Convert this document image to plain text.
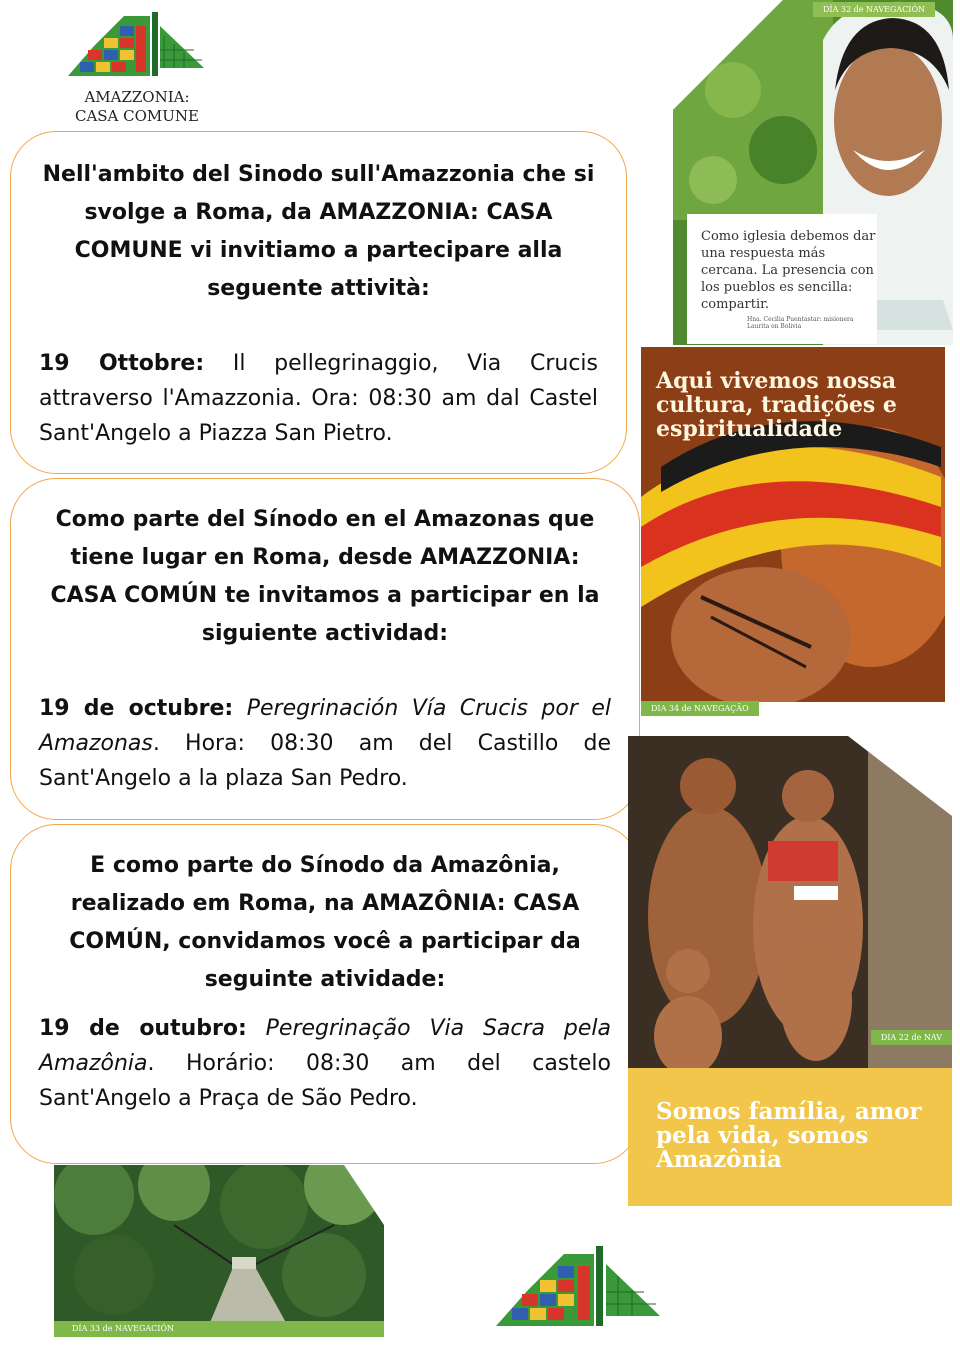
AMAZZONIA:
CASA COMUNE
Nell'ambito del Sinodo sull'Amazzonia che si svolge a Roma, da AMAZZONIA: CASA COMUNE vi invitiamo a partecipare alla seguente attività:
19 Ottobre: Il pellegrinaggio, Via Crucis attraverso l'Amazzonia. Ora: 08:30 am dal Castel Sant'Angelo a Piazza San Pietro.
Como parte del Sínodo en el Amazonas que tiene lugar en Roma, desde AMAZZONIA: CASA COMÚN te invitamos a participar en la siguiente actividad:
19 de octubre: Peregrinación Vía Crucis por el Amazonas. Hora: 08:30 am del Castillo de Sant'Angelo a la plaza San Pedro.
E como parte do Sínodo da Amazônia, realizado em Roma, na AMAZÔNIA: CASA COMÚN, convidamos você a participar da seguinte atividade:
19 de outubro: Peregrinação Via Sacra pela Amazônia. Horário: 08:30 am del castelo Sant'Angelo a Praça de São Pedro.
DÍA 32 de NAVEGACIÓN
Como iglesia debemos dar una respuesta más cercana. La presencia con los pueblos es sencilla: compartir.
Hna. Cecilia Puentastar: misionera Laurita en Bolivia
Aqui vivemos nossa cultura, tradições e espiritualidade
DIA 34 de NAVEGAÇÃO
DIA 22 de NAV
Somos família, amor pela vida, somos Amazônia
DÍA 33 de NAVEGACIÓN
